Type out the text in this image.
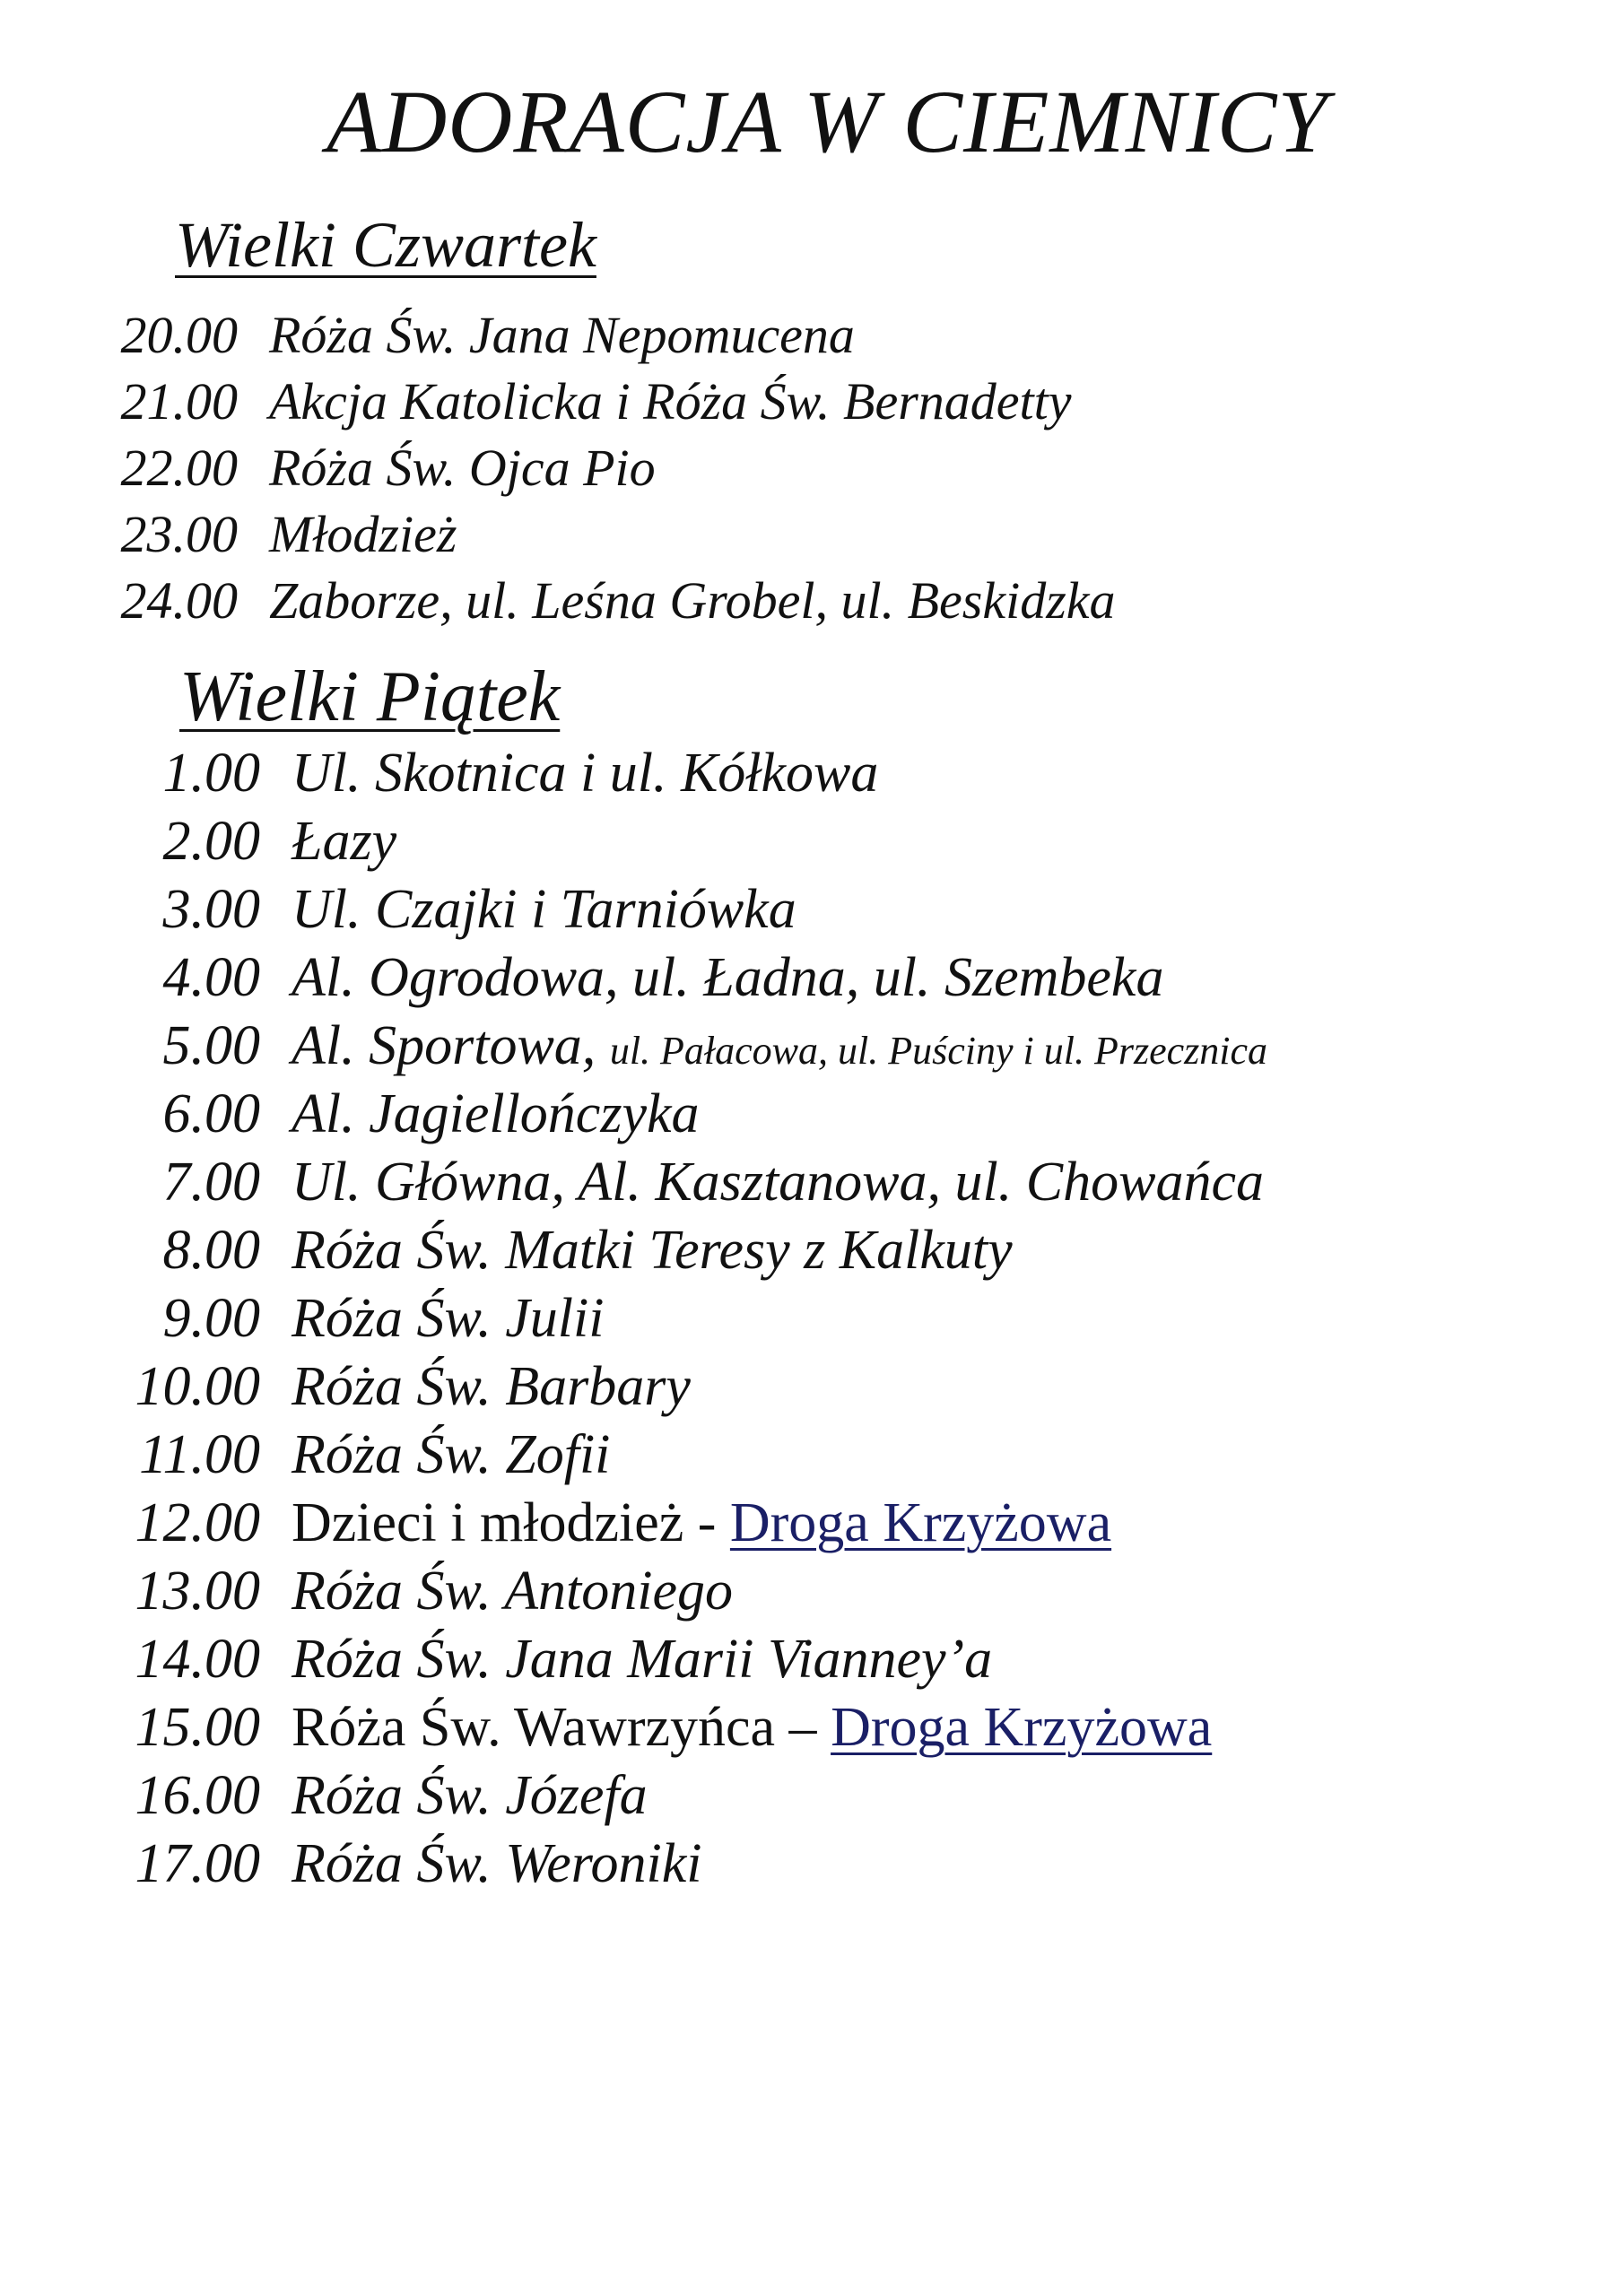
ADORACJA W CIEMNICY
Wielki Czwartek
20.00 Róża Św. Jana Nepomucena
21.00 Akcja Katolicka i Róża Św. Bernadetty
22.00 Róża Św. Ojca Pio
23.00 Młodzież
24.00 Zaborze, ul. Leśna Grobel, ul. Beskidzka
Wielki Piątek
1.00 Ul. Skotnica i ul. Kółkowa
2.00 Łazy
3.00 Ul. Czajki i Tarniówka
4.00 Al. Ogrodowa, ul. Ładna, ul. Szembeka
5.00 Al. Sportowa, ul. Pałacowa, ul. Puściny i ul. Przecznica
6.00 Al. Jagiellończyka
7.00 Ul. Główna, Al. Kasztanowa, ul. Chowańca
8.00 Róża Św. Matki Teresy z Kalkuty
9.00 Róża Św. Julii
10.00 Róża Św. Barbary
11.00 Róża Św. Zofii
12.00 Dzieci i młodzież - Droga Krzyżowa
13.00 Róża Św. Antoniego
14.00 Róża Św. Jana Marii Vianney’a
15.00 Róża Św. Wawrzyńca – Droga Krzyżowa
16.00 Róża Św. Józefa
17.00 Róża Św. Weroniki
